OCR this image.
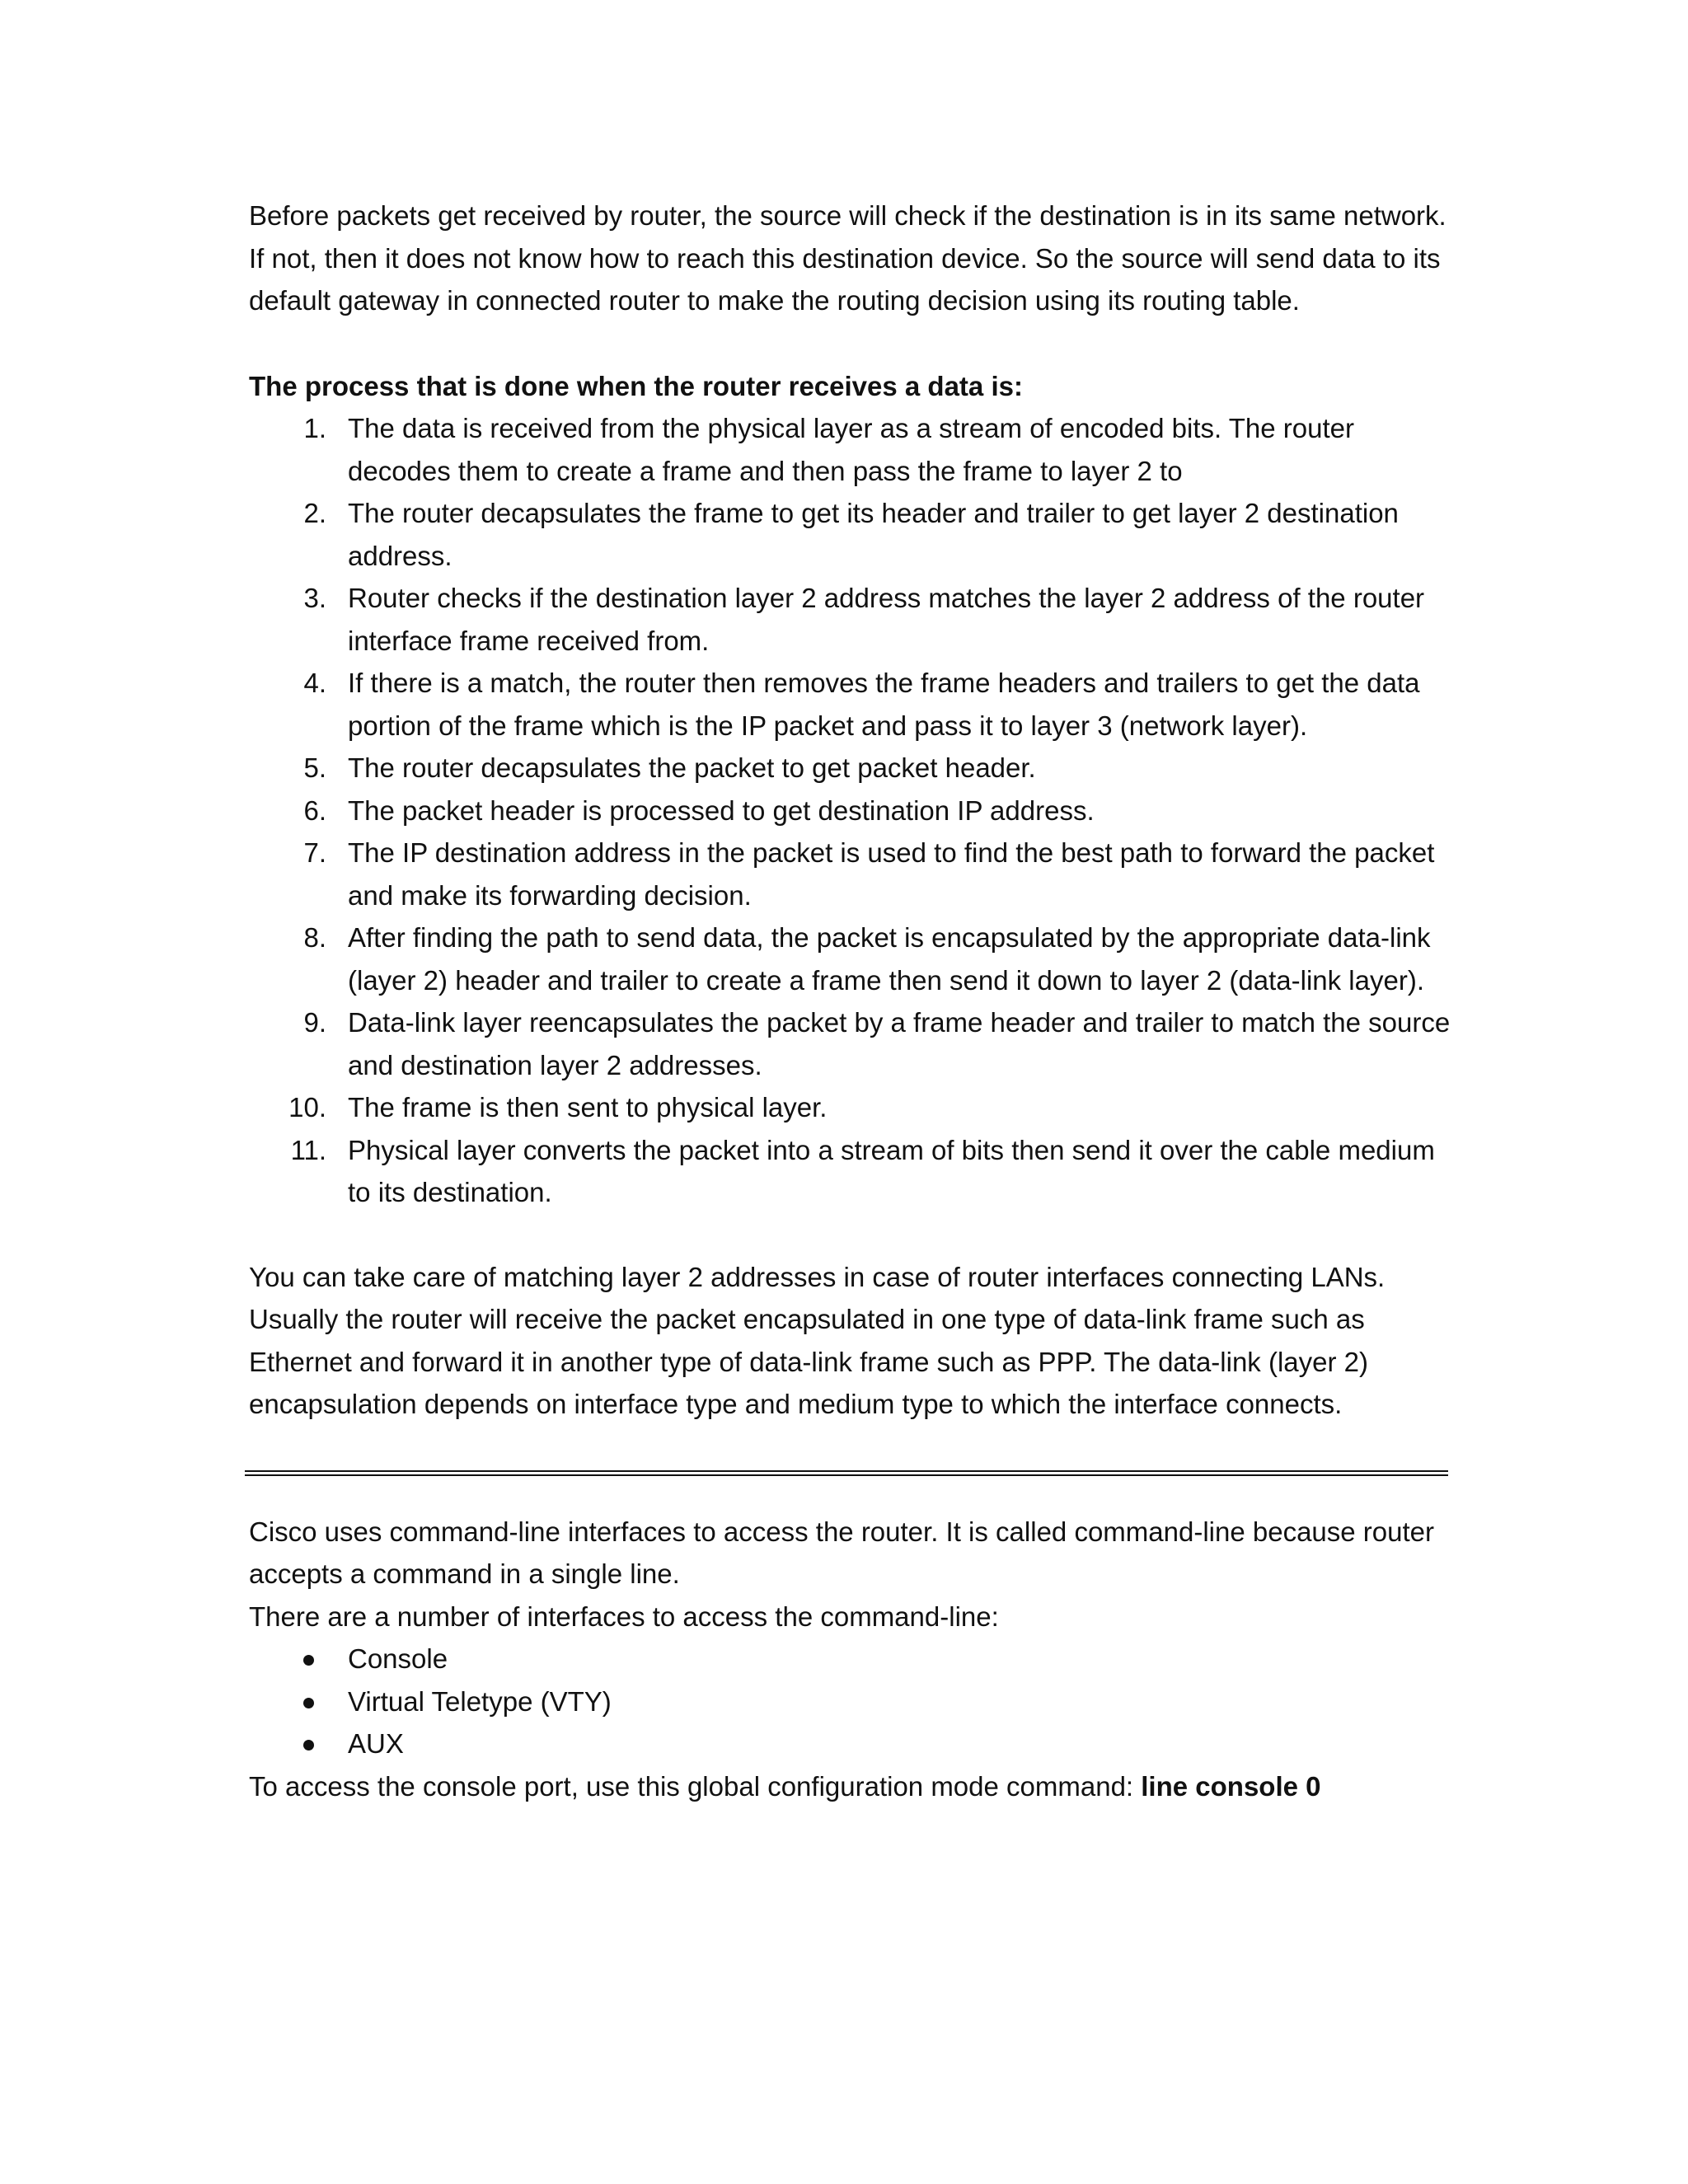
Before packets get received by router, the source will check if the destination is in its same network. If not, then it does not know how to reach this destination device. So the source will send data to its default gateway in connected router to make the routing decision using its routing table.

The process that is done when the router receives a data is:

1. The data is received from the physical layer as a stream of encoded bits. The router decodes them to create a frame and then pass the frame to layer 2 to
2. The router decapsulates the frame to get its header and trailer to get layer 2 destination address.
3. Router checks if the destination layer 2 address matches the layer 2 address of the router interface frame received from.
4. If there is a match, the router then removes the frame headers and trailers to get the data portion of the frame which is the IP packet and pass it to layer 3 (network layer).
5. The router decapsulates the packet to get packet header.
6. The packet header is processed to get destination IP address.
7. The IP destination address in the packet is used to find the best path to forward the packet and make its forwarding decision.
8. After finding the path to send data, the packet is encapsulated by the appropriate data-link (layer 2) header and trailer to create a frame then send it down to layer 2 (data-link layer).
9. Data-link layer reencapsulates the packet by a frame header and trailer to match the source and destination layer 2 addresses.
10. The frame is then sent to physical layer.
11. Physical layer converts the packet into a stream of bits then send it over the cable medium to its destination.

You can take care of matching layer 2 addresses in case of router interfaces connecting LANs. Usually the router will receive the packet encapsulated in one type of data-link frame such as Ethernet and forward it in another type of data-link frame such as PPP. The data-link (layer 2) encapsulation depends on interface type and medium type to which the interface connects.

Cisco uses command-line interfaces to access the router. It is called command-line because router accepts a command in a single line.

There are a number of interfaces to access the command-line:

Console
Virtual Teletype (VTY)
AUX

To access the console port, use this global configuration mode command: line console 0
